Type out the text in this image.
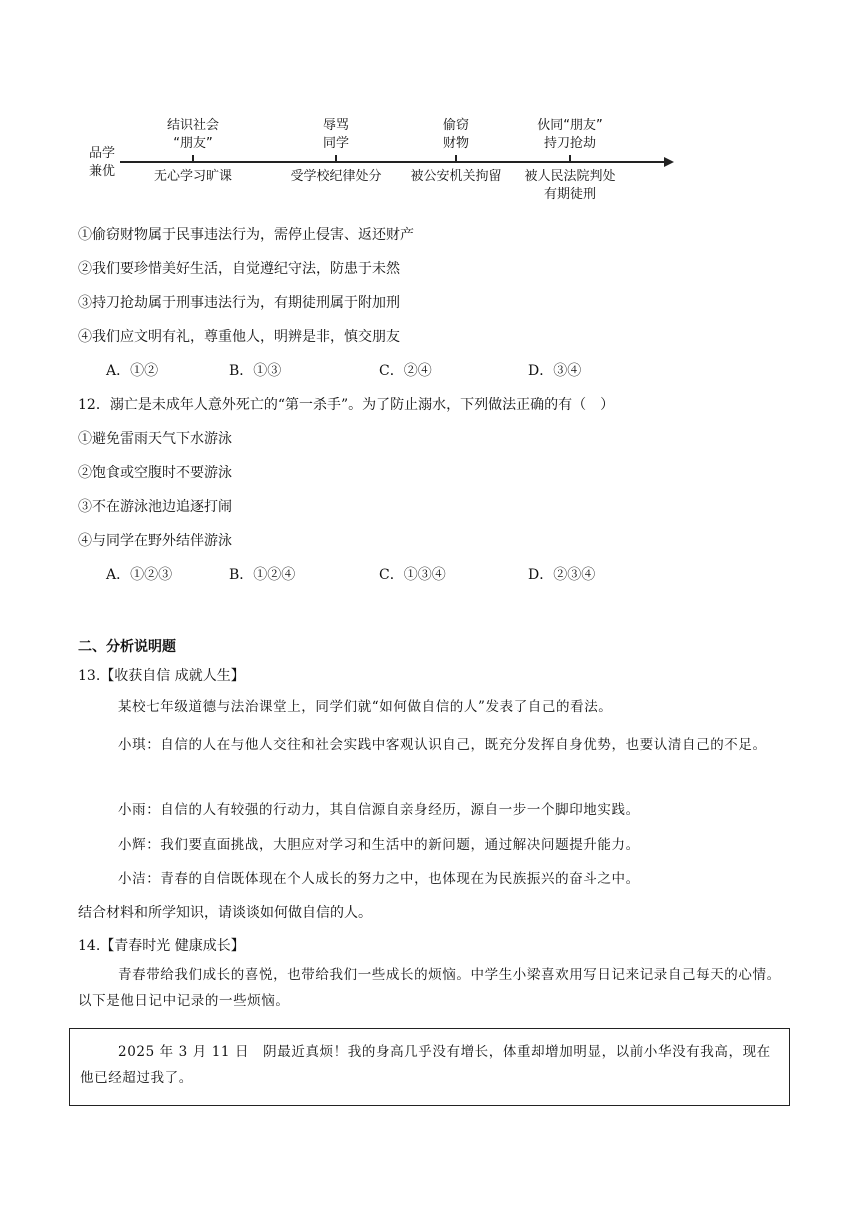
品学
兼优
结识社会
“朋友”
辱骂
同学
偷窃
财物
伙同“朋友”
持刀抢劫
无心学习旷课	受学校纪律处分	被公安机关拘留	被人民法院判处
有期徒刑
①偷窃财物属于民事违法行为，需停止侵害、返还财产
②我们要珍惜美好生活，自觉遵纪守法，防患于未然
③持刀抢劫属于刑事违法行为，有期徒刑属于附加刑
④我们应文明有礼，尊重他人，明辨是非，慎交朋友
A．①②	B．①③	C．②④	D．③④
12．溺亡是未成年人意外死亡的“第一杀手”。为了防止溺水，下列做法正确的有（　）
①避免雷雨天气下水游泳
②饱食或空腹时不要游泳
③不在游泳池边追逐打闹
④与同学在野外结伴游泳
A．①②③	B．①②④	C．①③④	D．②③④
二、分析说明题
13.【收获自信 成就人生】
某校七年级道德与法治课堂上，同学们就“如何做自信的人”发表了自己的看法。
小琪：自信的人在与他人交往和社会实践中客观认识自己，既充分发挥自身优势，也要认清自己的不足。
小雨：自信的人有较强的行动力，其自信源自亲身经历，源自一步一个脚印地实践。
小辉：我们要直面挑战，大胆应对学习和生活中的新问题，通过解决问题提升能力。
小洁：青春的自信既体现在个人成长的努力之中，也体现在为民族振兴的奋斗之中。
结合材料和所学知识，请谈谈如何做自信的人。
14.【青春时光 健康成长】
青春带给我们成长的喜悦，也带给我们一些成长的烦恼。中学生小梁喜欢用写日记来记录自己每天的心情。以下是他日记中记录的一些烦恼。
2025 年 3 月 11 日　阴最近真烦！我的身高几乎没有增长，体重却增加明显，以前小华没有我高，现在他已经超过我了。
